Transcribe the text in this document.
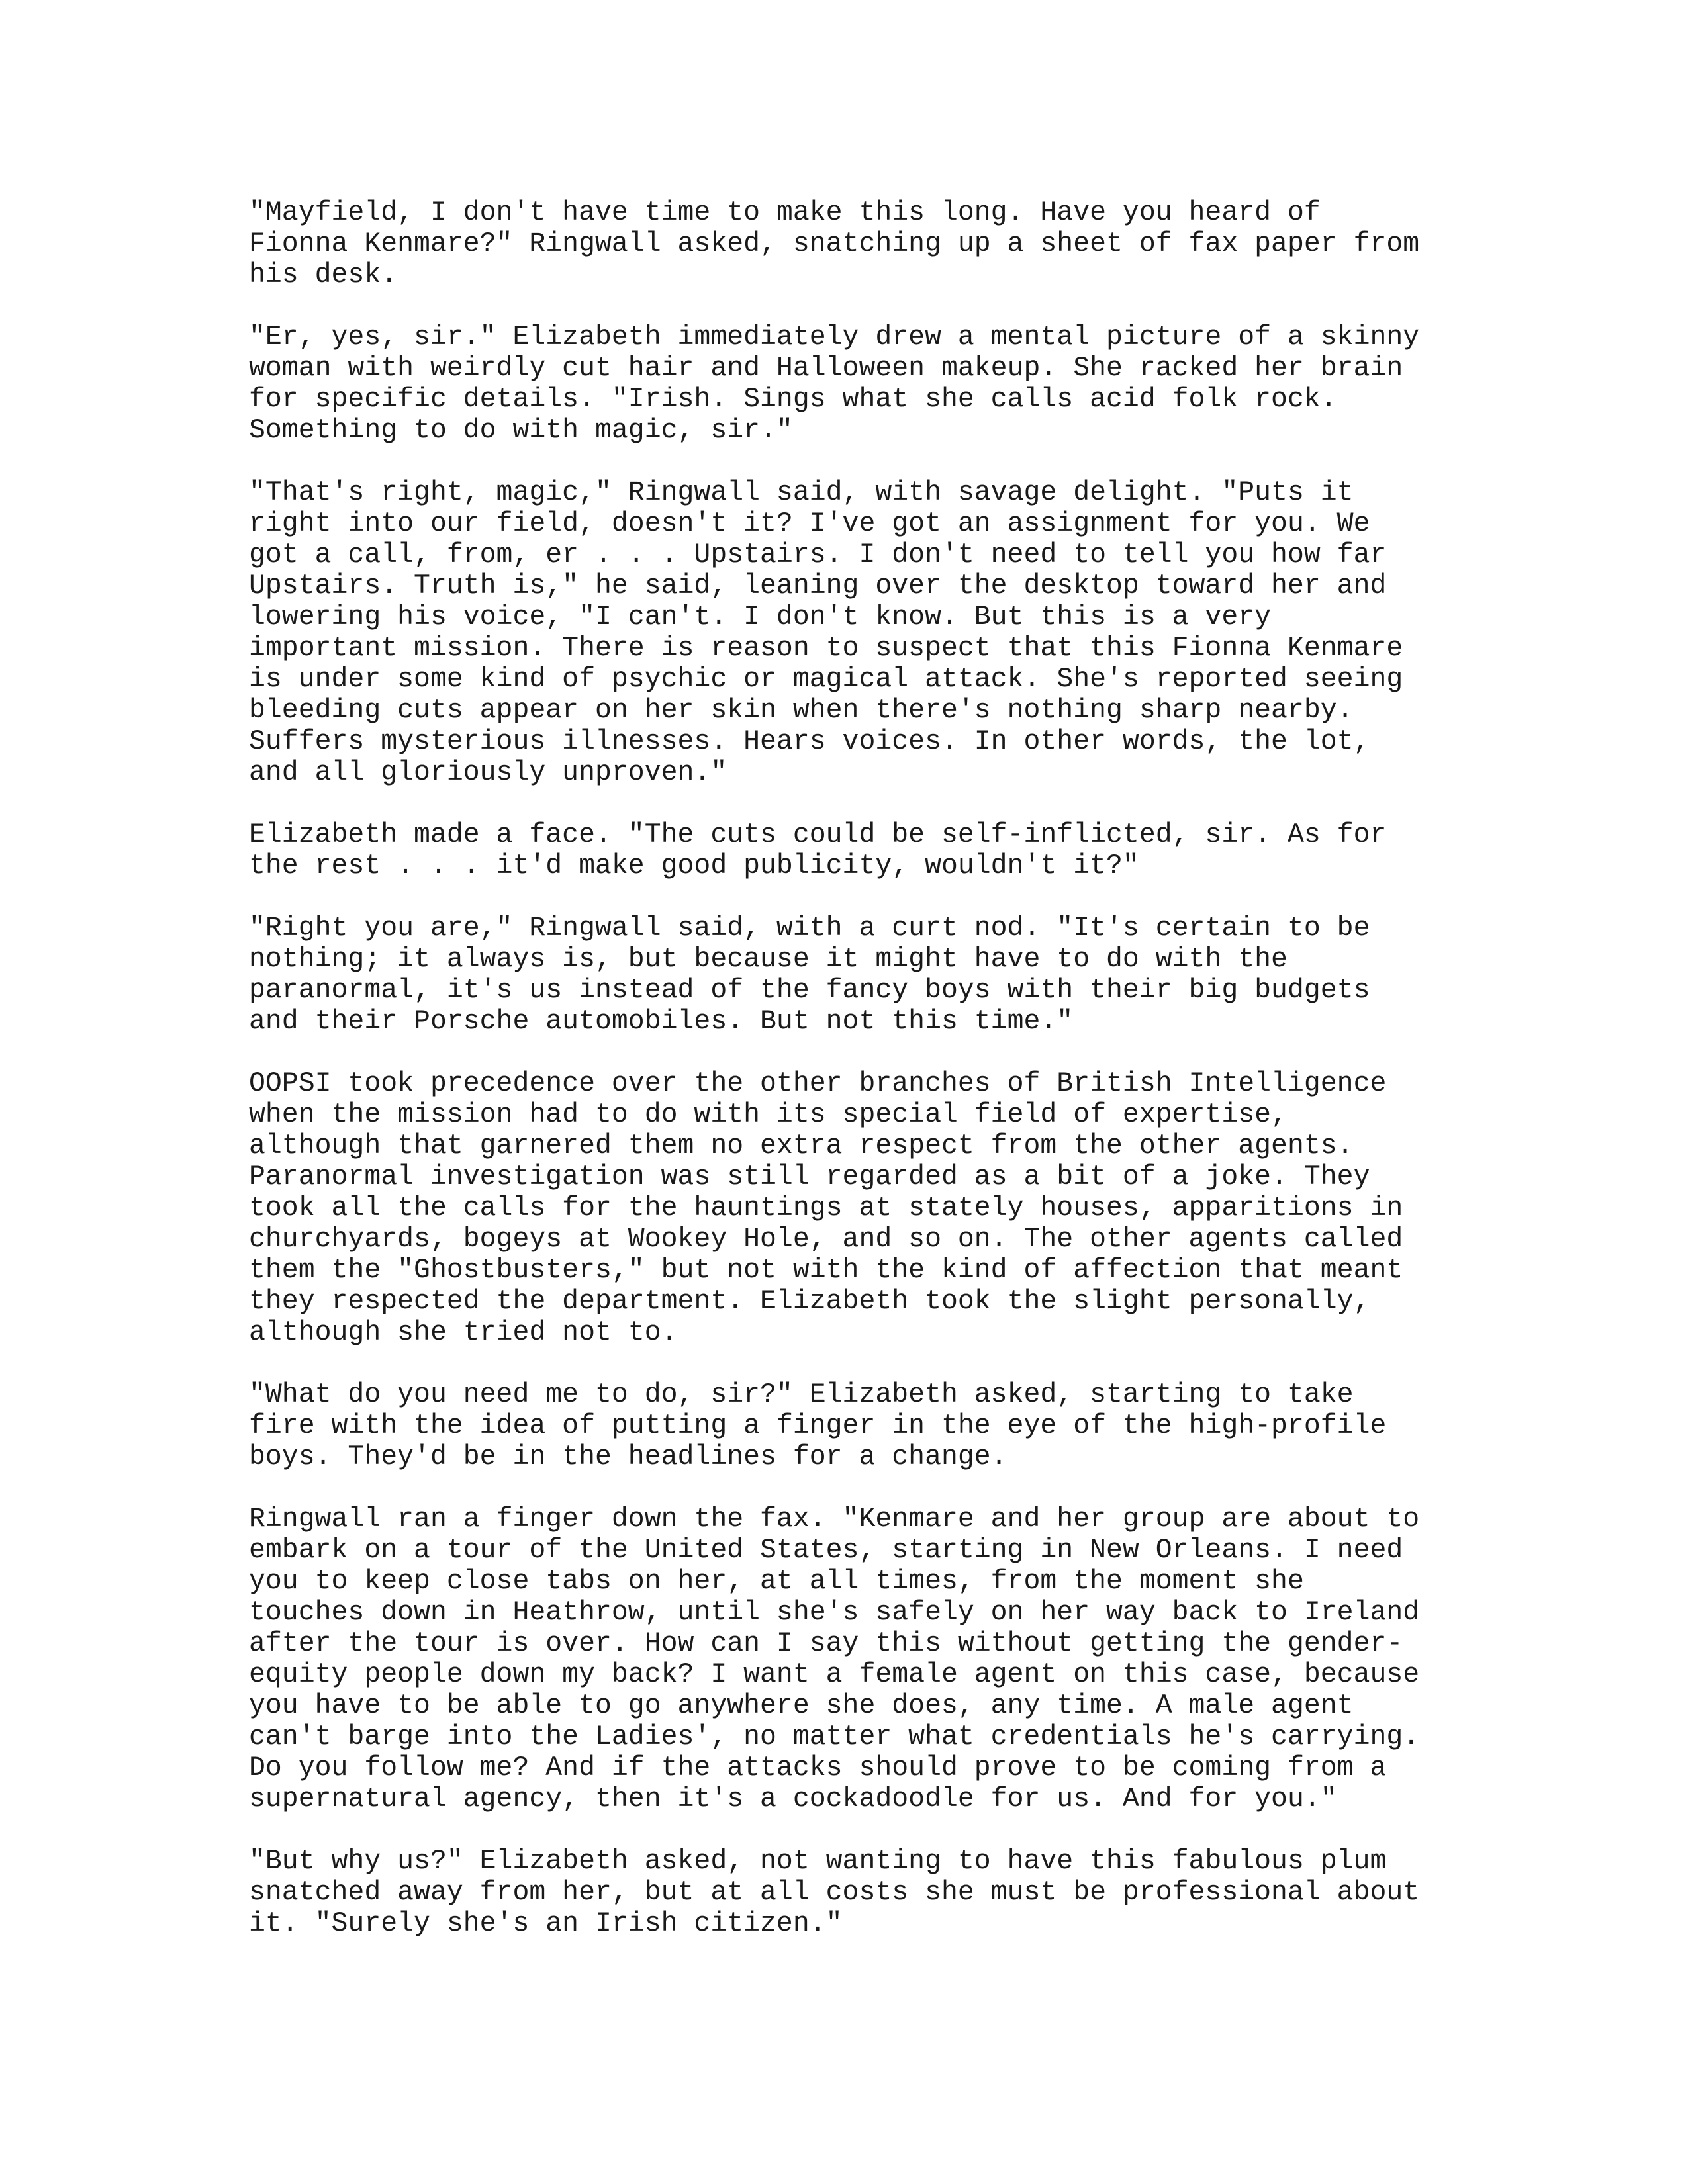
"Mayfield, I don't have time to make this long. Have you heard of
Fionna Kenmare?" Ringwall asked, snatching up a sheet of fax paper from
his desk.
"Er, yes, sir." Elizabeth immediately drew a mental picture of a skinny
woman with weirdly cut hair and Halloween makeup. She racked her brain
for specific details. "Irish. Sings what she calls acid folk rock.
Something to do with magic, sir."
"That's right, magic," Ringwall said, with savage delight. "Puts it
right into our field, doesn't it? I've got an assignment for you. We
got a call, from, er . . . Upstairs. I don't need to tell you how far
Upstairs. Truth is," he said, leaning over the desktop toward her and
lowering his voice, "I can't. I don't know. But this is a very
important mission. There is reason to suspect that this Fionna Kenmare
is under some kind of psychic or magical attack. She's reported seeing
bleeding cuts appear on her skin when there's nothing sharp nearby.
Suffers mysterious illnesses. Hears voices. In other words, the lot,
and all gloriously unproven."
Elizabeth made a face. "The cuts could be self-inflicted, sir. As for
the rest . . . it'd make good publicity, wouldn't it?"
"Right you are," Ringwall said, with a curt nod. "It's certain to be
nothing; it always is, but because it might have to do with the
paranormal, it's us instead of the fancy boys with their big budgets
and their Porsche automobiles. But not this time."
OOPSI took precedence over the other branches of British Intelligence
when the mission had to do with its special field of expertise,
although that garnered them no extra respect from the other agents.
Paranormal investigation was still regarded as a bit of a joke. They
took all the calls for the hauntings at stately houses, apparitions in
churchyards, bogeys at Wookey Hole, and so on. The other agents called
them the "Ghostbusters," but not with the kind of affection that meant
they respected the department. Elizabeth took the slight personally,
although she tried not to.
"What do you need me to do, sir?" Elizabeth asked, starting to take
fire with the idea of putting a finger in the eye of the high-profile
boys. They'd be in the headlines for a change.
Ringwall ran a finger down the fax. "Kenmare and her group are about to
embark on a tour of the United States, starting in New Orleans. I need
you to keep close tabs on her, at all times, from the moment she
touches down in Heathrow, until she's safely on her way back to Ireland
after the tour is over. How can I say this without getting the gender-
equity people down my back? I want a female agent on this case, because
you have to be able to go anywhere she does, any time. A male agent
can't barge into the Ladies', no matter what credentials he's carrying.
Do you follow me? And if the attacks should prove to be coming from a
supernatural agency, then it's a cockadoodle for us. And for you."
"But why us?" Elizabeth asked, not wanting to have this fabulous plum
snatched away from her, but at all costs she must be professional about
it. "Surely she's an Irish citizen."
